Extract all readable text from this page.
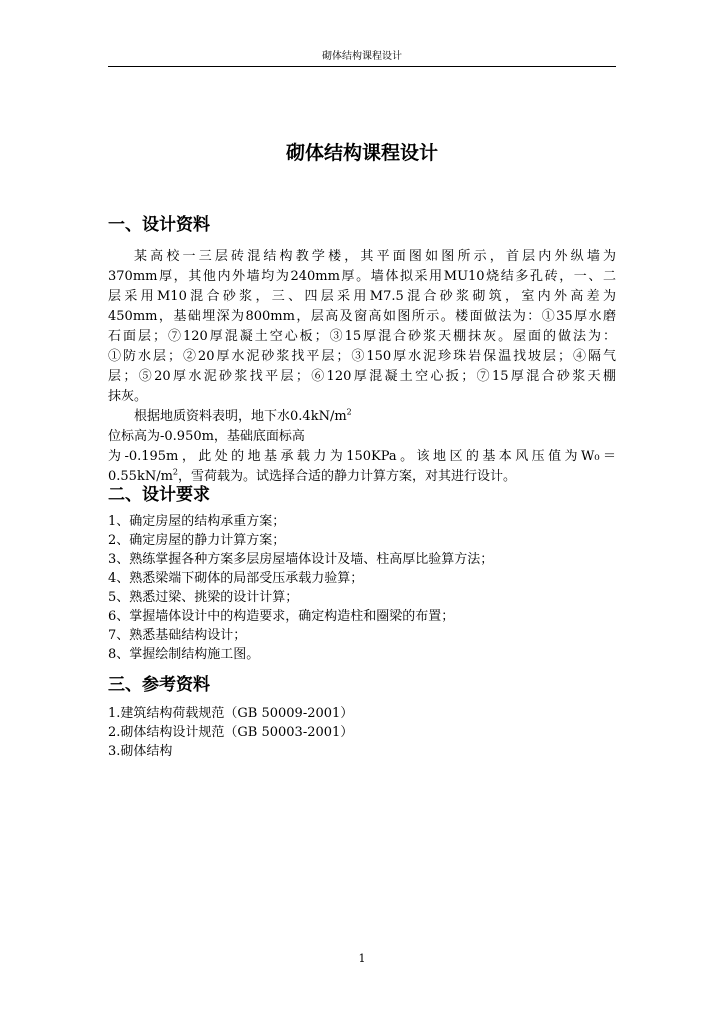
砌体结构课程设计
砌体结构课程设计
一、设计资料
某高校一三层砖混结构教学楼，其平面图如图所示，首层内外纵墙为
370mm厚，其他内外墙均为240mm厚。墙体拟采用MU10烧结多孔砖，一、二
层采用M10混合砂浆，三、四层采用M7.5混合砂浆砌筑，室内外高差为
450mm，基础埋深为800mm，层高及窗高如图所示。楼面做法为：①35厚水磨
石面层；⑦120厚混凝土空心板；③15厚混合砂浆天棚抹灰。屋面的做法为：
①防水层；②20厚水泥砂浆找平层；③150厚水泥珍珠岩保温找坡层；④隔气
层；⑤20厚水泥砂浆找平层；⑥120厚混凝土空心扳；⑦15厚混合砂浆天棚
抹灰。
根据地质资料表明，地下水$0.4kN/m^2$
位标高为-0.950m，基础底面标高
为-0.195m，此处的地基承载力为150KPa。该地区的基本风压值为W₀＝
$0.55kN/m^2$，雪荷载为。试选择合适的静力计算方案，对其进行设计。
二、设计要求
1、确定房屋的结构承重方案；
2、确定房屋的静力计算方案；
3、熟练掌握各种方案多层房屋墙体设计及墙、柱高厚比验算方法；
4、熟悉梁端下砌体的局部受压承载力验算；
5、熟悉过梁、挑梁的设计计算；
6、掌握墙体设计中的构造要求，确定构造柱和圈梁的布置；
7、熟悉基础结构设计；
8、掌握绘制结构施工图。
三、参考资料
1.建筑结构荷载规范（GB 50009-2001）
2.砌体结构设计规范（GB 50003-2001）
3.砌体结构
1
